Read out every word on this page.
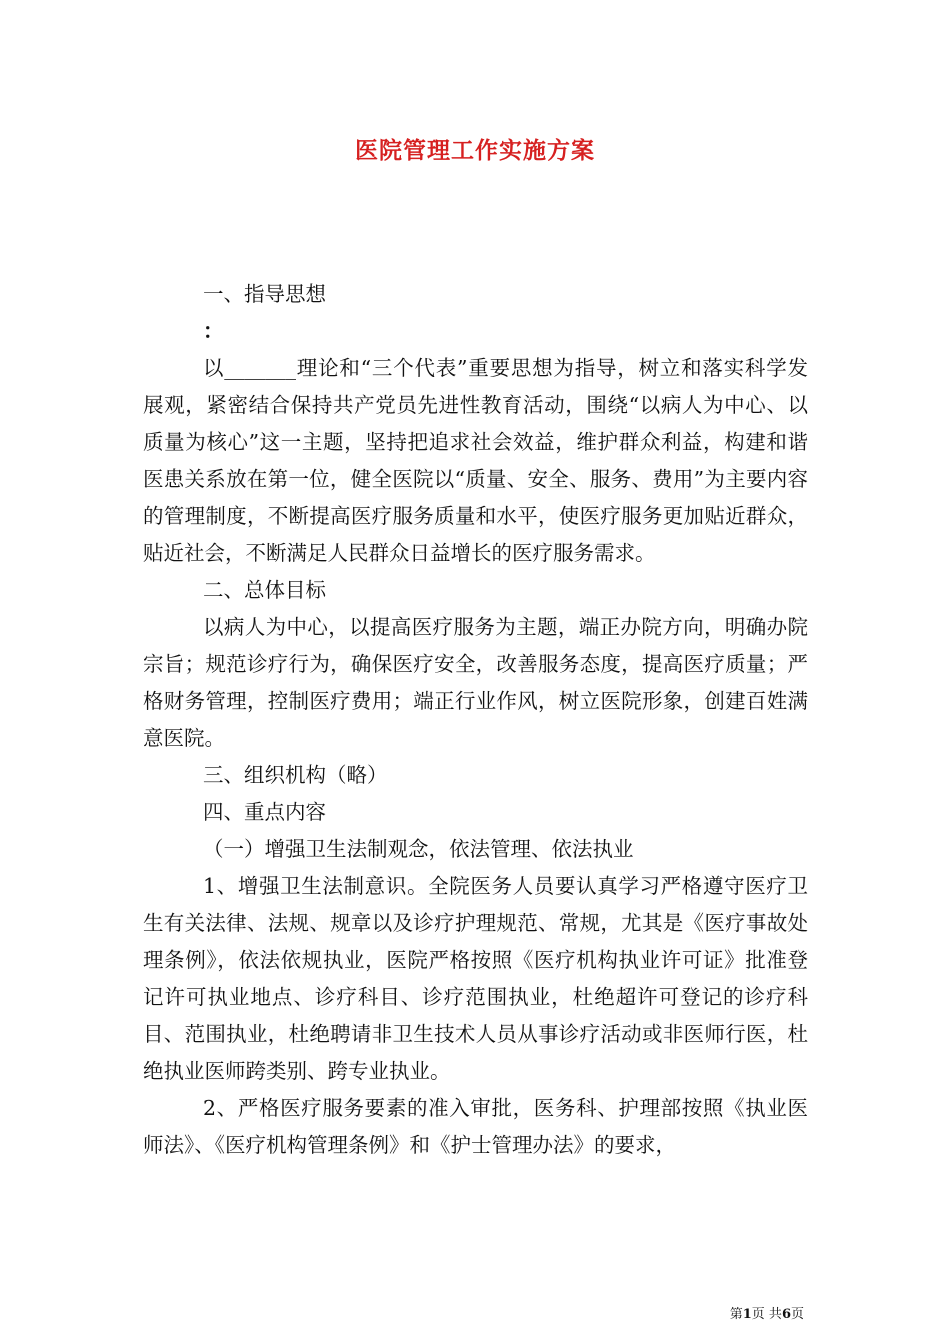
医院管理工作实施方案

一、指导思想

：

以_______理论和“三个代表”重要思想为指导，树立和落实科学发展观，紧密结合保持共产党员先进性教育活动，围绕“以病人为中心、以质量为核心”这一主题，坚持把追求社会效益，维护群众利益，构建和谐医患关系放在第一位，健全医院以“质量、安全、服务、费用”为主要内容的管理制度，不断提高医疗服务质量和水平，使医疗服务更加贴近群众，贴近社会，不断满足人民群众日益增长的医疗服务需求。

二、总体目标

以病人为中心，以提高医疗服务为主题，端正办院方向，明确办院宗旨；规范诊疗行为，确保医疗安全，改善服务态度，提高医疗质量；严格财务管理，控制医疗费用；端正行业作风，树立医院形象，创建百姓满意医院。

三、组织机构（略）

四、重点内容

（一）增强卫生法制观念，依法管理、依法执业

1、增强卫生法制意识。全院医务人员要认真学习严格遵守医疗卫生有关法律、法规、规章以及诊疗护理规范、常规，尤其是《医疗事故处理条例》，依法依规执业，医院严格按照《医疗机构执业许可证》批准登记许可执业地点、诊疗科目、诊疗范围执业，杜绝超许可登记的诊疗科目、范围执业，杜绝聘请非卫生技术人员从事诊疗活动或非医师行医，杜绝执业医师跨类别、跨专业执业。

2、严格医疗服务要素的准入审批，医务科、护理部按照《执业医师法》、《医疗机构管理条例》和《护士管理办法》的要求，

第1页 共6页
